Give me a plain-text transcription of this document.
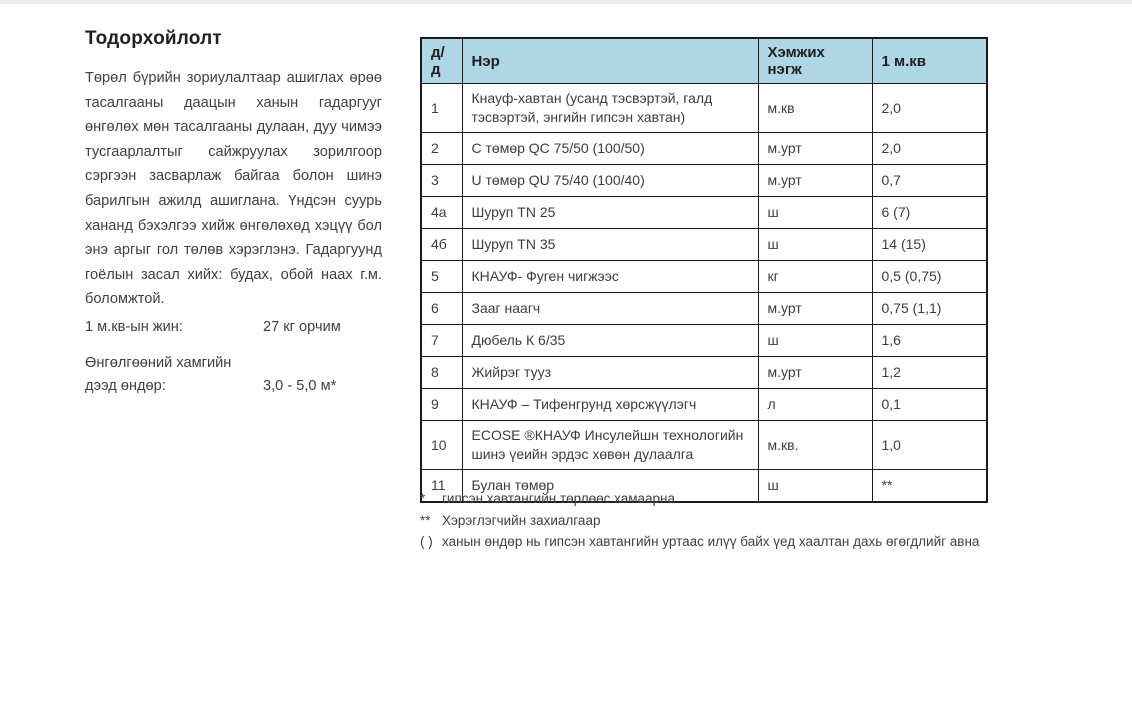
Тодорхойлолт
Төрөл бүрийн зориулалтаар ашиглах өрөө тасалгааны даацын ханын гадаргууг өнгөлөх мөн тасалгааны дулаан, дуу чимээ тусгаарлалтыг сайжруулах зорилгоор сэргээн засварлаж байгаа болон шинэ барилгын ажилд ашиглана. Үндсэн суурь хананд бэхэлгээ хийж өнгөлөхөд хэцүү бол энэ аргыг гол төлөв хэрэглэнэ. Гадаргуунд гоёлын засал хийх: будах, обой наах г.м. боломжтой.
1 м.кв-ын жин:	27 кг орчим
Өнгөлгөөний хамгийн дээд өндөр:	3,0 - 5,0 м*
д/д	Нэр	Хэмжих нэгж	1 м.кв
1	Кнауф-хавтан (усанд тэсвэртэй, галд тэсвэртэй, энгийн гипсэн хавтан)	м.кв	2,0
2	С төмөр QC 75/50 (100/50)	м.урт	2,0
3	U төмөр QU 75/40 (100/40)	м.урт	0,7
4а	Шуруп TN 25	ш	6 (7)
4б	Шуруп TN 35	ш	14 (15)
5	КНАУФ- Фуген чигжээс	кг	0,5 (0,75)
6	Зааг наагч	м.урт	0,75 (1,1)
7	Дюбель К 6/35	ш	1,6
8	Жийрэг тууз	м.урт	1,2
9	КНАУФ – Тифенгрунд хөрсжүүлэгч	л	0,1
10	ECOSE ®КНАУФ Инсулейшн технологийн шинэ үеийн эрдэс хөвөн дулаалга	м.кв.	1,0
11	Булан төмөр	ш	**
*	гипсэн хавтангийн төрлөөс хамаарна
** Хэрэглэгчийн захиалгаар
( ) ханын өндөр нь гипсэн хавтангийн уртаас илүү байх үед хаалтан дахь өгөгдлийг авна
